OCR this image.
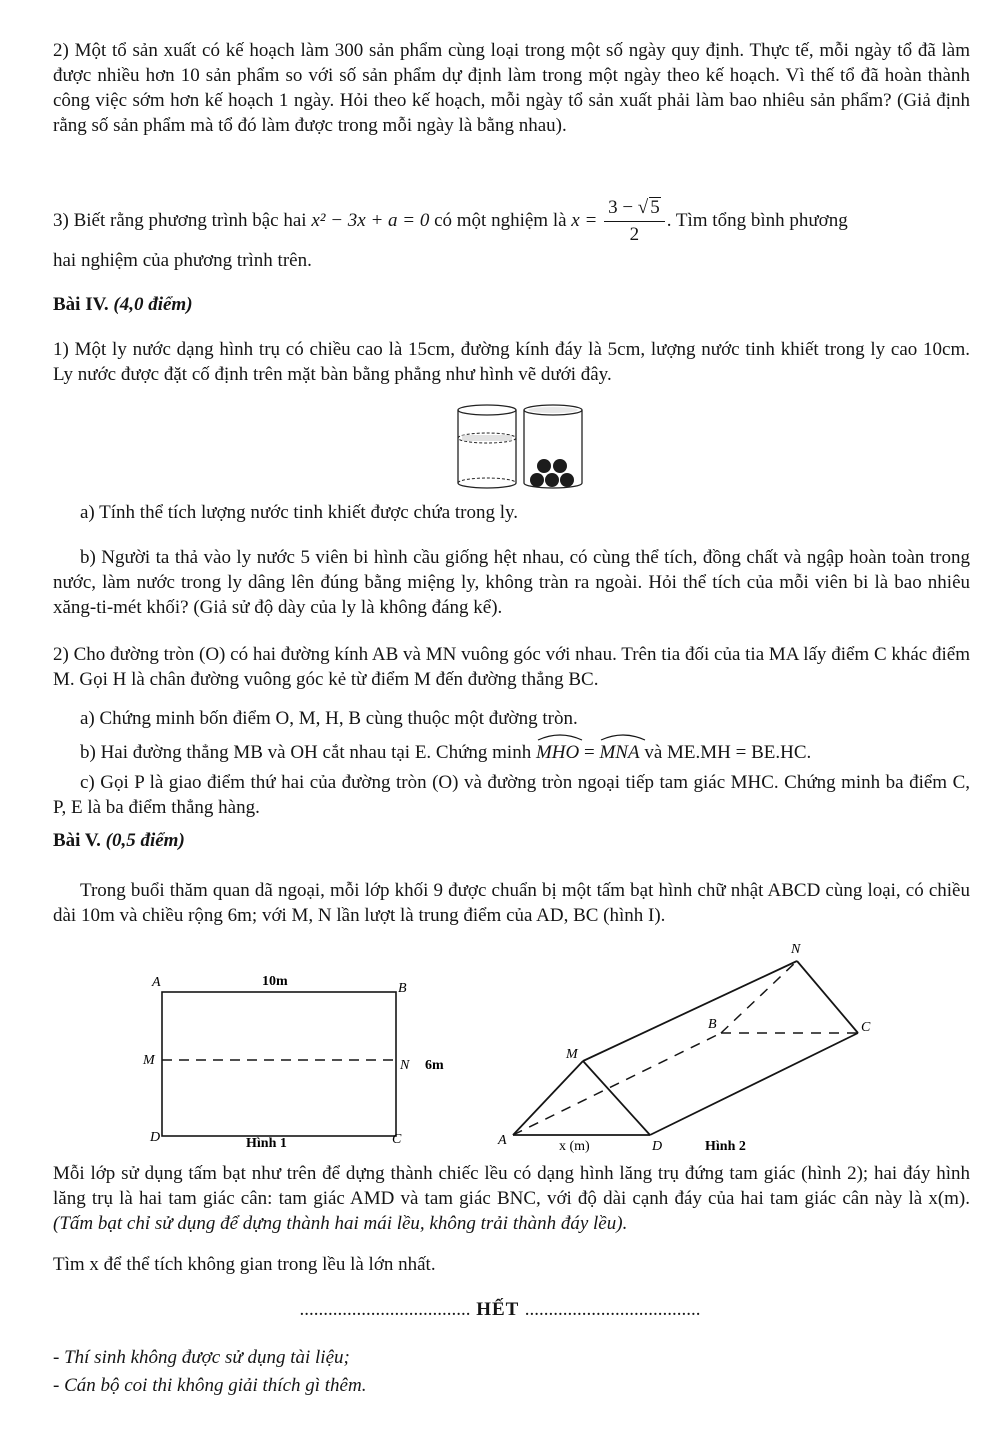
2) Một tổ sản xuất có kế hoạch làm 300 sản phẩm cùng loại trong một số ngày quy định. Thực tế, mỗi ngày tổ đã làm được nhiều hơn 10 sản phẩm so với số sản phẩm dự định làm trong một ngày theo kế hoạch. Vì thế tổ đã hoàn thành công việc sớm hơn kế hoạch 1 ngày. Hỏi theo kế hoạch, mỗi ngày tổ sản xuất phải làm bao nhiêu sản phẩm? (Giả định rằng số sản phẩm mà tổ đó làm được trong mỗi ngày là bằng nhau).

3) Biết rằng phương trình bậc hai x² − 3x + a = 0 có một nghiệm là $x = \frac{3 - √ 5}{2}$ . Tìm tổng bình phương

hai nghiệm của phương trình trên.

Bài IV. (4,0 điểm)

1) Một ly nước dạng hình trụ có chiều cao là 15cm, đường kính đáy là 5cm, lượng nước tinh khiết trong ly cao 10cm. Ly nước được đặt cố định trên mặt bàn bằng phẳng như hình vẽ dưới đây.

a) Tính thể tích lượng nước tinh khiết được chứa trong ly.

b) Người ta thả vào ly nước 5 viên bi hình cầu giống hệt nhau, có cùng thể tích, đồng chất và ngập hoàn toàn trong nước, làm nước trong ly dâng lên đúng bằng miệng ly, không tràn ra ngoài. Hỏi thể tích của mỗi viên bi là bao nhiêu xăng-ti-mét khối? (Giả sử độ dày của ly là không đáng kể).

2) Cho đường tròn (O) có hai đường kính AB và MN vuông góc với nhau. Trên tia đối của tia MA lấy điểm C khác điểm M. Gọi H là chân đường vuông góc kẻ từ điểm M đến đường thẳng BC.

a) Chứng minh bốn điểm O, M, H, B cùng thuộc một đường tròn.

b) Hai đường thẳng MB và OH cắt nhau tại E. Chứng minh MHO = MNA và ME.MH = BE.HC.

c) Gọi P là giao điểm thứ hai của đường tròn (O) và đường tròn ngoại tiếp tam giác MHC. Chứng minh ba điểm C, P, E là ba điểm thẳng hàng.

Bài V. (0,5 điểm)

Trong buổi thăm quan dã ngoại, mỗi lớp khối 9 được chuẩn bị một tấm bạt hình chữ nhật ABCD cùng loại, có chiều dài 10m và chiều rộng 6m; với M, N lần lượt là trung điểm của AD, BC (hình I).

A	B
C
D
M	N
10m
6m
Hình 1	A
B	C
D
M
N
x (m)	Hình 2

Mỗi lớp sử dụng tấm bạt như trên để dựng thành chiếc lều có dạng hình lăng trụ đứng tam giác (hình 2); hai đáy hình lăng trụ là hai tam giác cân: tam giác AMD và tam giác BNC, với độ dài cạnh đáy của hai tam giác cân này là x(m). (Tấm bạt chỉ sử dụng để dựng thành hai mái lều, không trải thành đáy lều).

Tìm x để thể tích không gian trong lều là lớn nhất.

.................................... HẾT .....................................
- Thí sinh không được sử dụng tài liệu;
- Cán bộ coi thi không giải thích gì thêm.
